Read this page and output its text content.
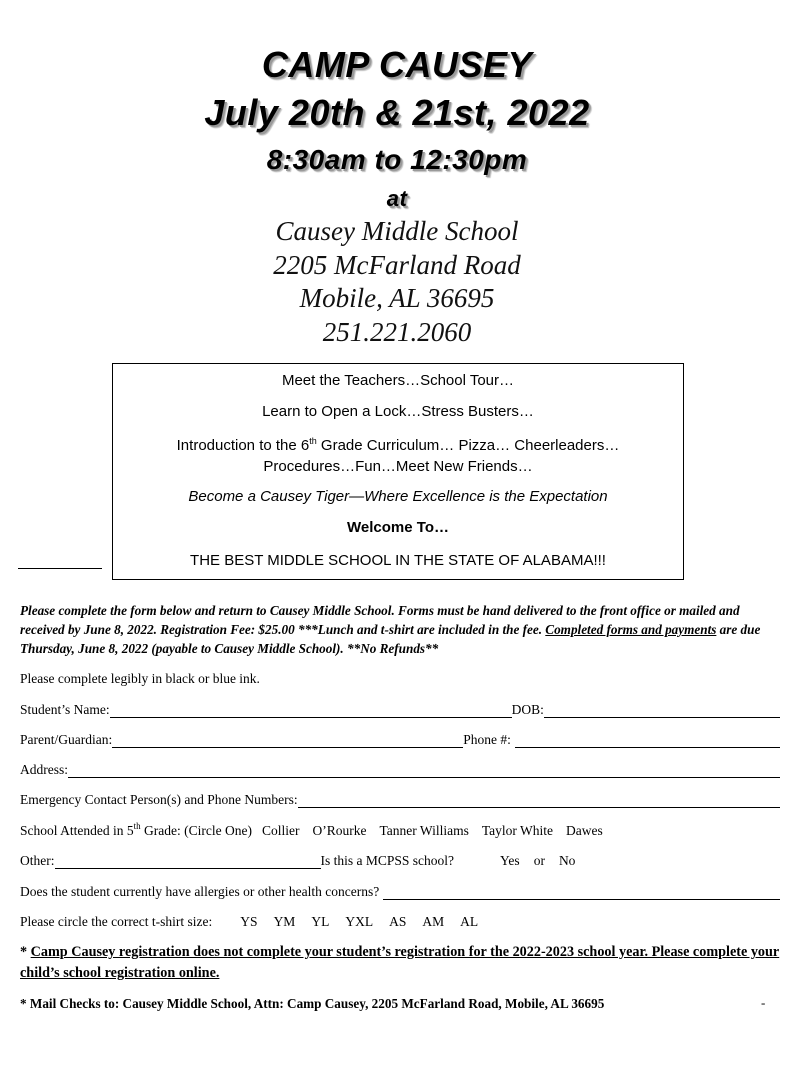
CAMP CAUSEY
July 20th & 21st, 2022
8:30am to 12:30pm
at
Causey Middle School
2205 McFarland Road
Mobile, AL 36695
251.221.2060
Meet the Teachers…School Tour…
Learn to Open a Lock…Stress Busters…
Introduction to the 6th Grade Curriculum… Pizza… Cheerleaders…
Procedures…Fun…Meet New Friends…
Become a Causey Tiger—Where Excellence is the Expectation
Welcome To…
THE BEST MIDDLE SCHOOL IN THE STATE OF ALABAMA!!!
Please complete the form below and return to Causey Middle School. Forms must be hand delivered to the front office or mailed and received by June 8, 2022. Registration Fee: $25.00 ***Lunch and t-shirt are included in the fee. Completed forms and payments are due Thursday, June 8, 2022 (payable to Causey Middle School). **No Refunds**
Please complete legibly in black or blue ink.
Student’s Name:	DOB:
Parent/Guardian:	Phone #:
Address:
Emergency Contact Person(s) and Phone Numbers:
School Attended in 5th Grade: (Circle One) Collier O’Rourke Tanner Williams Taylor White Dawes
Other:	Is this a MCPSS school?	Yes or No
Does the student currently have allergies or other health concerns?
Please circle the correct t-shirt size: YS YM YL YXL AS AM AL
* Camp Causey registration does not complete your student’s registration for the 2022-2023 school year. Please complete your child’s school registration online.
* Mail Checks to: Causey Middle School, Attn: Camp Causey, 2205 McFarland Road, Mobile, AL 36695	-
